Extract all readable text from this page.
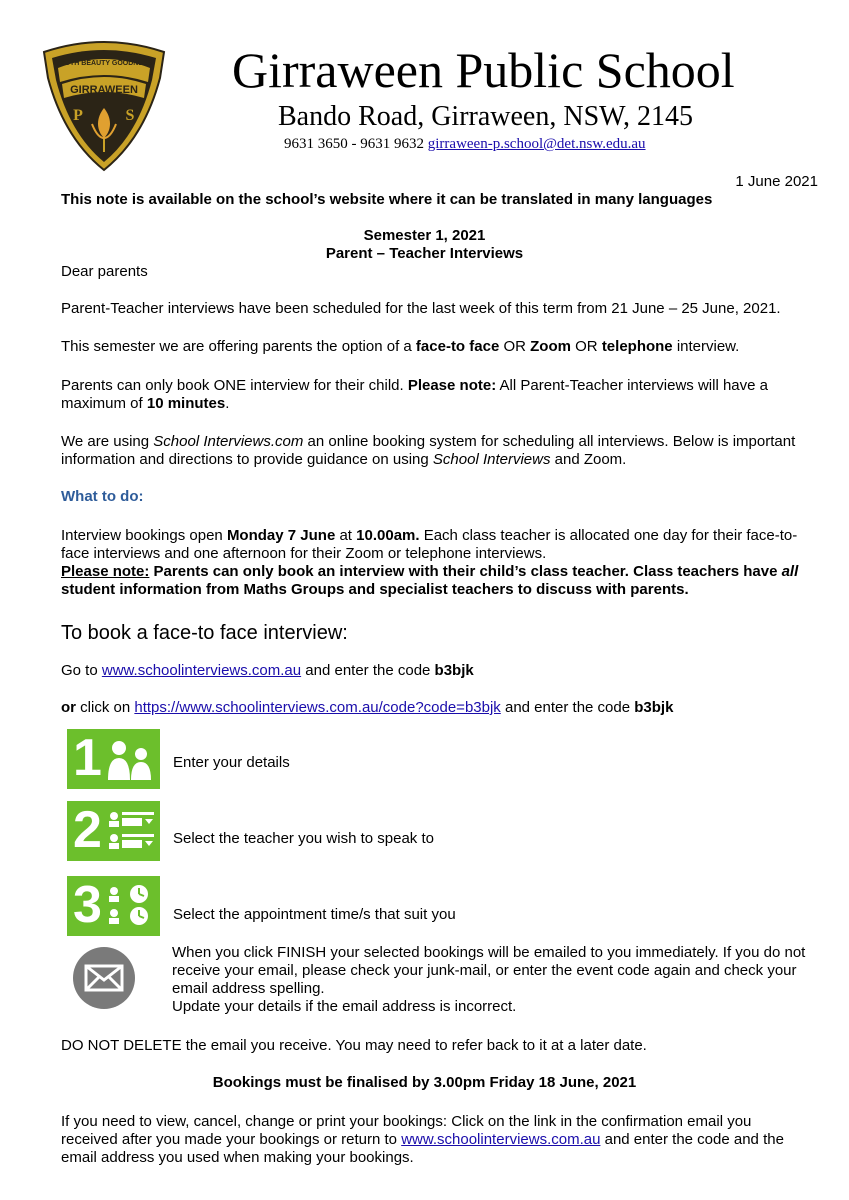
TRUTH BEAUTY GOODNESS
GIRRAWEEN
P	S
Girraween Public School
Bando Road, Girraween, NSW, 2145
9631 3650 - 9631 9632 girraween-p.school@det.nsw.edu.au
1 June 2021
This note is available on the school’s website where it can be translated in many languages
Semester 1, 2021
Parent – Teacher Interviews
Dear parents
Parent-Teacher interviews have been scheduled for the last week of this term from 21 June – 25 June, 2021.
This semester we are offering parents the option of a face-to face OR Zoom OR telephone interview.
Parents can only book ONE interview for their child. Please note: All Parent-Teacher interviews will have a maximum of 10 minutes.
We are using School Interviews.com an online booking system for scheduling all interviews. Below is important information and directions to provide guidance on using School Interviews and Zoom.
What to do:
Interview bookings open Monday 7 June at 10.00am. Each class teacher is allocated one day for their face-to-face interviews and one afternoon for their Zoom or telephone interviews.
Please note: Parents can only book an interview with their child’s class teacher. Class teachers have all student information from Maths Groups and specialist teachers to discuss with parents.
To book a face-to face interview:
Go to www.schoolinterviews.com.au and enter the code b3bjk
or click on https://www.schoolinterviews.com.au/code?code=b3bjk and enter the code b3bjk
1	Enter your details
2	Select the teacher you wish to speak to
3	Select the appointment time/s that suit you
When you click FINISH your selected bookings will be emailed to you immediately. If you do not receive your email, please check your junk-mail, or enter the event code again and check your email address spelling.
Update your details if the email address is incorrect.
DO NOT DELETE the email you receive. You may need to refer back to it at a later date.
Bookings must be finalised by 3.00pm Friday 18 June, 2021
If you need to view, cancel, change or print your bookings: Click on the link in the confirmation email you received after you made your bookings or return to www.schoolinterviews.com.au and enter the code and the email address you used when making your bookings.
